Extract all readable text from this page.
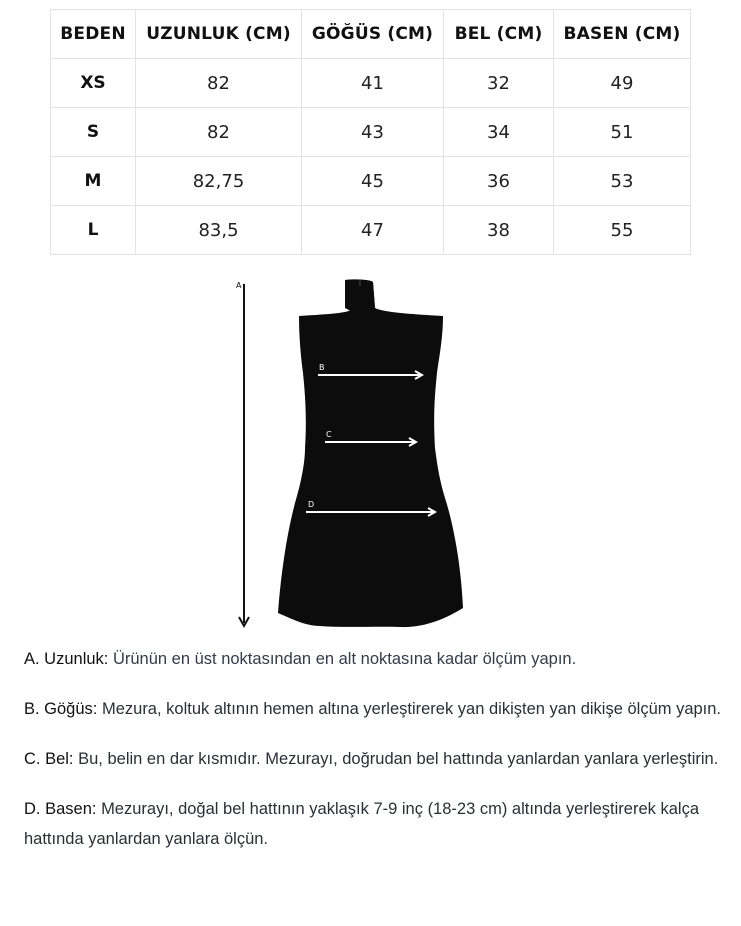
BEDEN	UZUNLUK (CM)	GÖĞÜS (CM)	BEL (CM)	BASEN (CM)
XS	82	41	32	49
S	82	43	34	51
M	82,75	45	36	53
L	83,5	47	38	55
A
B
C
D

A. Uzunluk: Ürünün en üst noktasından en alt noktasına kadar ölçüm yapın.

B. Göğüs: Mezura, koltuk altının hemen altına yerleştirerek yan dikişten yan dikişe ölçüm yapın.

C. Bel: Bu, belin en dar kısmıdır. Mezurayı, doğrudan bel hattında yanlardan yanlara yerleştirin.

D. Basen: Mezurayı, doğal bel hattının yaklaşık 7-9 inç (18-23 cm) altında yerleştirerek kalça hattında yanlardan yanlara ölçün.
